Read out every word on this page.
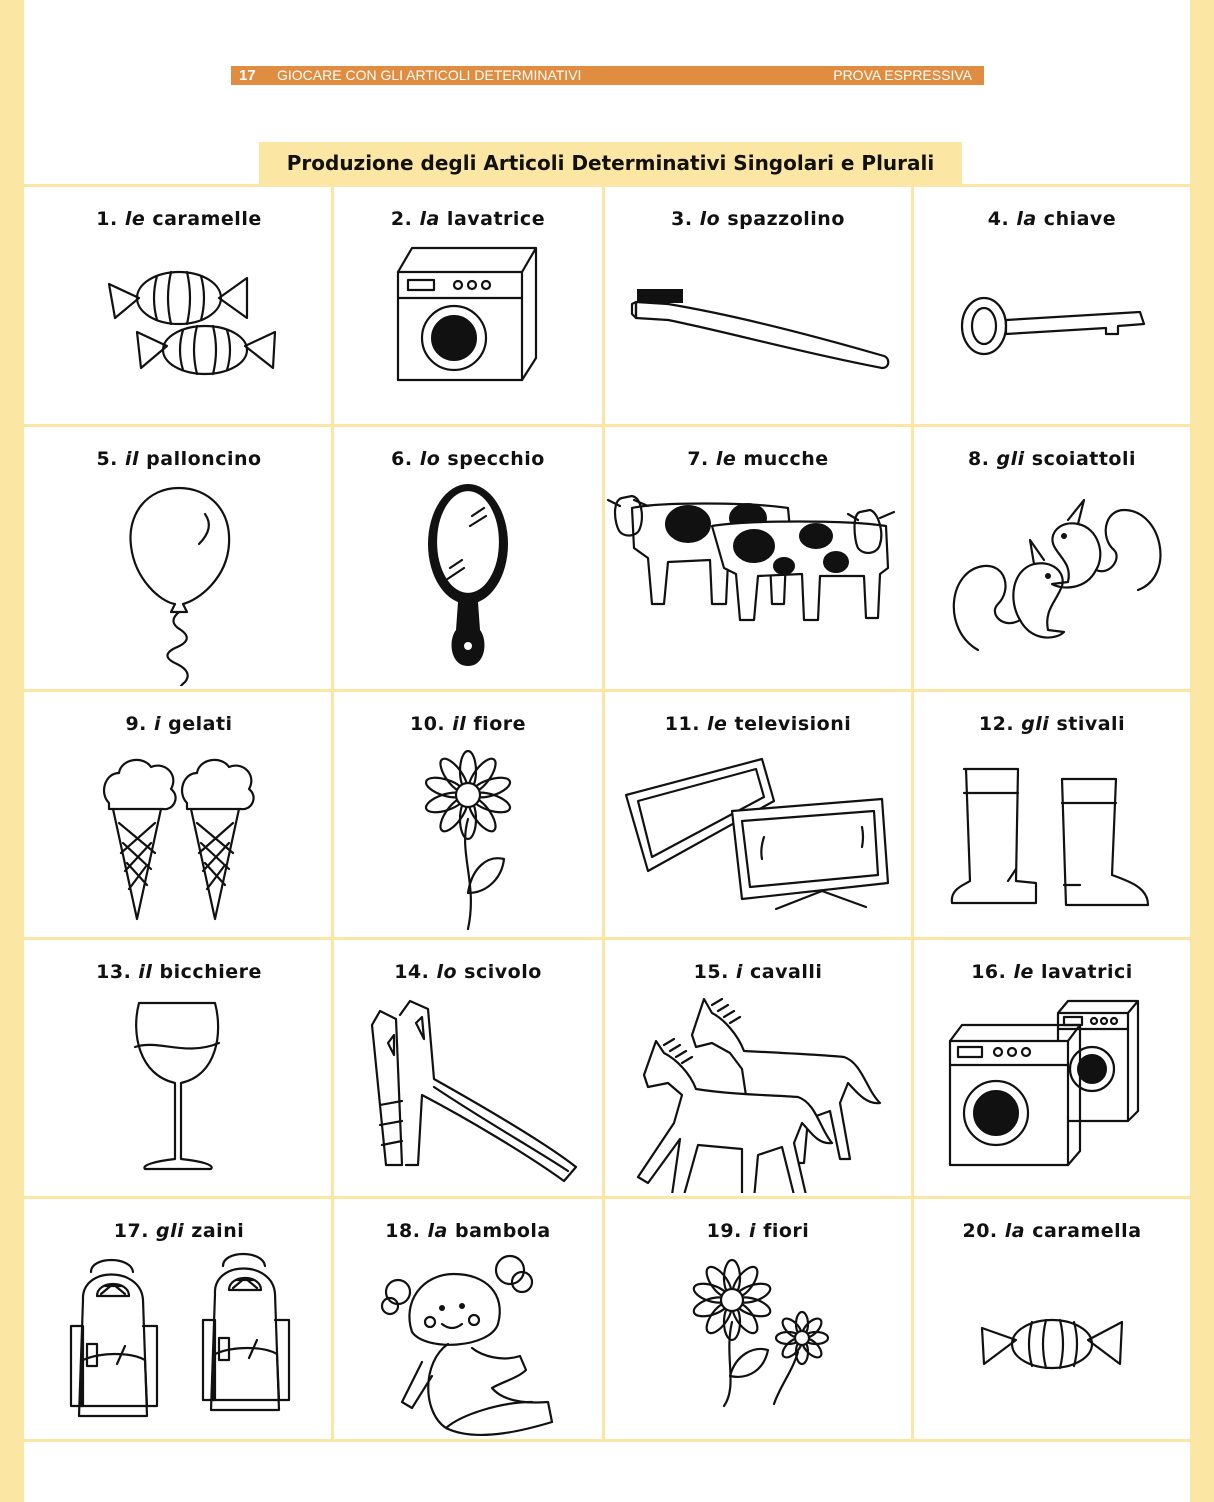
17 GIOCARE CON GLI ARTICOLI DETERMINATIVI	PROVA ESPRESSIVA
Produzione degli Articoli Determinativi Singolari e Plurali
1. le caramelle	2. la lavatrice	3. lo spazzolino	4. la chiave
5. il palloncino	6. lo specchio	7. le mucche	8. gli scoiattoli
9. i gelati	10. il fiore	11. le televisioni	12. gli stivali
13. il bicchiere	14. lo scivolo	15. i cavalli	16. le lavatrici
17. gli zaini	18. la bambola	19. i fiori	20. la caramella
